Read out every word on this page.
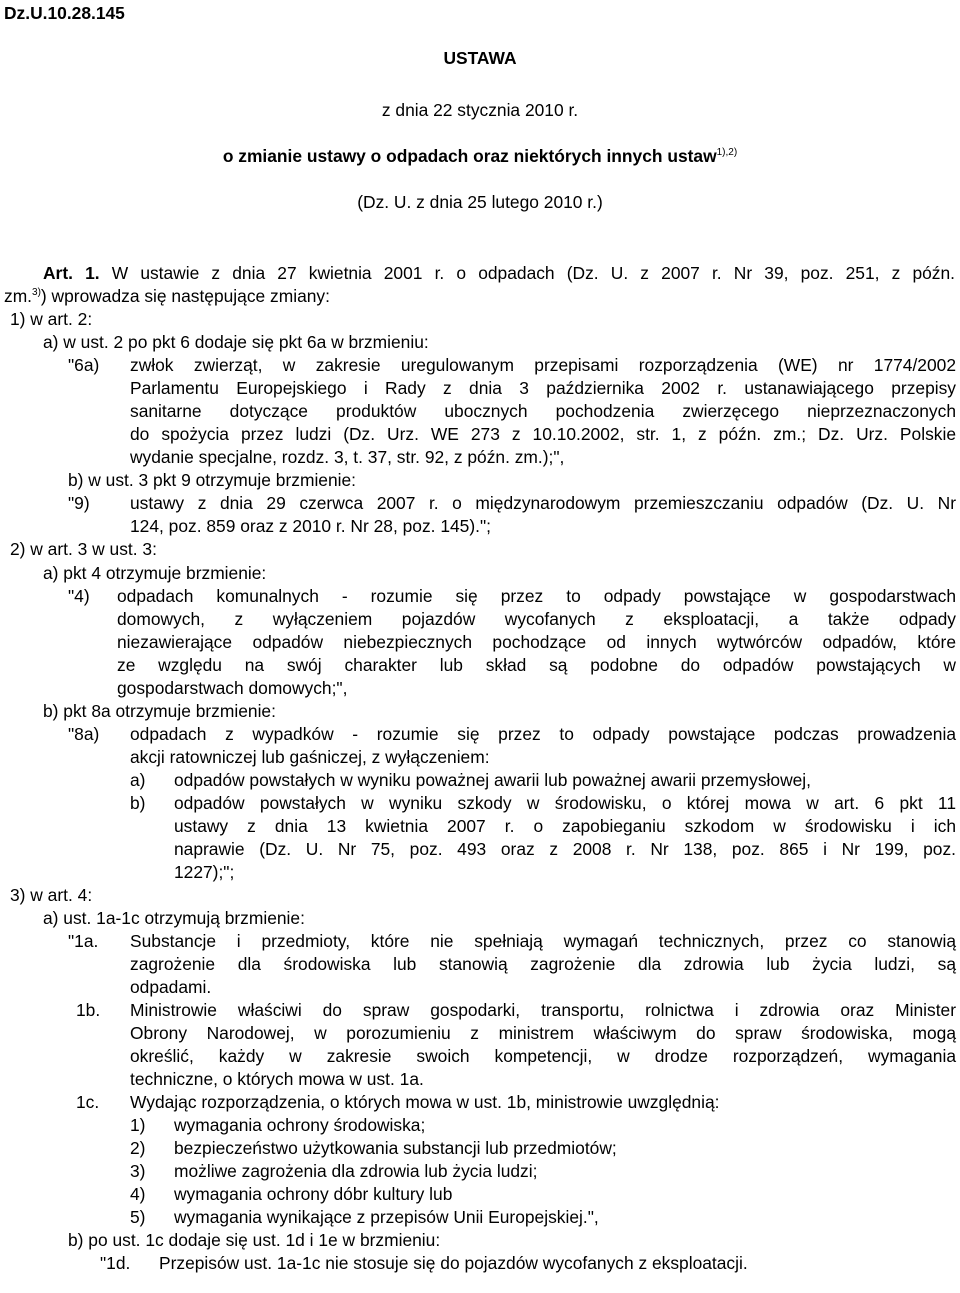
Dz.U.10.28.145
USTAWA
z dnia 22 stycznia 2010 r.
o zmianie ustawy o odpadach oraz niektórych innych ustaw$^{1),2)}$
(Dz. U. z dnia 25 lutego 2010 r.)
Art. 1. W ustawie z dnia 27 kwietnia 2001 r. o odpadach (Dz. U. z 2007 r. Nr 39, poz. 251, z późn.
zm.$^{3)}$) wprowadza się następujące zmiany:
1) w art. 2:
a) w ust. 2 po pkt 6 dodaje się pkt 6a w brzmieniu:
"6a) zwłok zwierząt, w zakresie uregulowanym przepisami rozporządzenia (WE) nr 1774/2002
Parlamentu Europejskiego i Rady z dnia 3 października 2002 r. ustanawiającego przepisy
sanitarne dotyczące produktów ubocznych pochodzenia zwierzęcego nieprzeznaczonych
do spożycia przez ludzi (Dz. Urz. WE 273 z 10.10.2002, str. 1, z późn. zm.; Dz. Urz. Polskie
wydanie specjalne, rozdz. 3, t. 37, str. 92, z późn. zm.);",
b) w ust. 3 pkt 9 otrzymuje brzmienie:
"9) ustawy z dnia 29 czerwca 2007 r. o międzynarodowym przemieszczaniu odpadów (Dz. U. Nr
124, poz. 859 oraz z 2010 r. Nr 28, poz. 145).";
2) w art. 3 w ust. 3:
a) pkt 4 otrzymuje brzmienie:
"4) odpadach komunalnych - rozumie się przez to odpady powstające w gospodarstwach
domowych, z wyłączeniem pojazdów wycofanych z eksploatacji, a także odpady
niezawierające odpadów niebezpiecznych pochodzące od innych wytwórców odpadów, które
ze względu na swój charakter lub skład są podobne do odpadów powstających w
gospodarstwach domowych;",
b) pkt 8a otrzymuje brzmienie:
"8a) odpadach z wypadków - rozumie się przez to odpady powstające podczas prowadzenia
akcji ratowniczej lub gaśniczej, z wyłączeniem:
a) odpadów powstałych w wyniku poważnej awarii lub poważnej awarii przemysłowej,
b) odpadów powstałych w wyniku szkody w środowisku, o której mowa w art. 6 pkt 11
ustawy z dnia 13 kwietnia 2007 r. o zapobieganiu szkodom w środowisku i ich
naprawie (Dz. U. Nr 75, poz. 493 oraz z 2008 r. Nr 138, poz. 865 i Nr 199, poz.
1227);";
3) w art. 4:
a) ust. 1a-1c otrzymują brzmienie:
"1a. Substancje i przedmioty, które nie spełniają wymagań technicznych, przez co stanowią
zagrożenie dla środowiska lub stanowią zagrożenie dla zdrowia lub życia ludzi, są
odpadami.
1b. Ministrowie właściwi do spraw gospodarki, transportu, rolnictwa i zdrowia oraz Minister
Obrony Narodowej, w porozumieniu z ministrem właściwym do spraw środowiska, mogą
określić, każdy w zakresie swoich kompetencji, w drodze rozporządzeń, wymagania
techniczne, o których mowa w ust. 1a.
1c. Wydając rozporządzenia, o których mowa w ust. 1b, ministrowie uwzględnią:
1) wymagania ochrony środowiska;
2) bezpieczeństwo użytkowania substancji lub przedmiotów;
3) możliwe zagrożenia dla zdrowia lub życia ludzi;
4) wymagania ochrony dóbr kultury lub
5) wymagania wynikające z przepisów Unii Europejskiej.",
b) po ust. 1c dodaje się ust. 1d i 1e w brzmieniu:
"1d. Przepisów ust. 1a-1c nie stosuje się do pojazdów wycofanych z eksploatacji.
